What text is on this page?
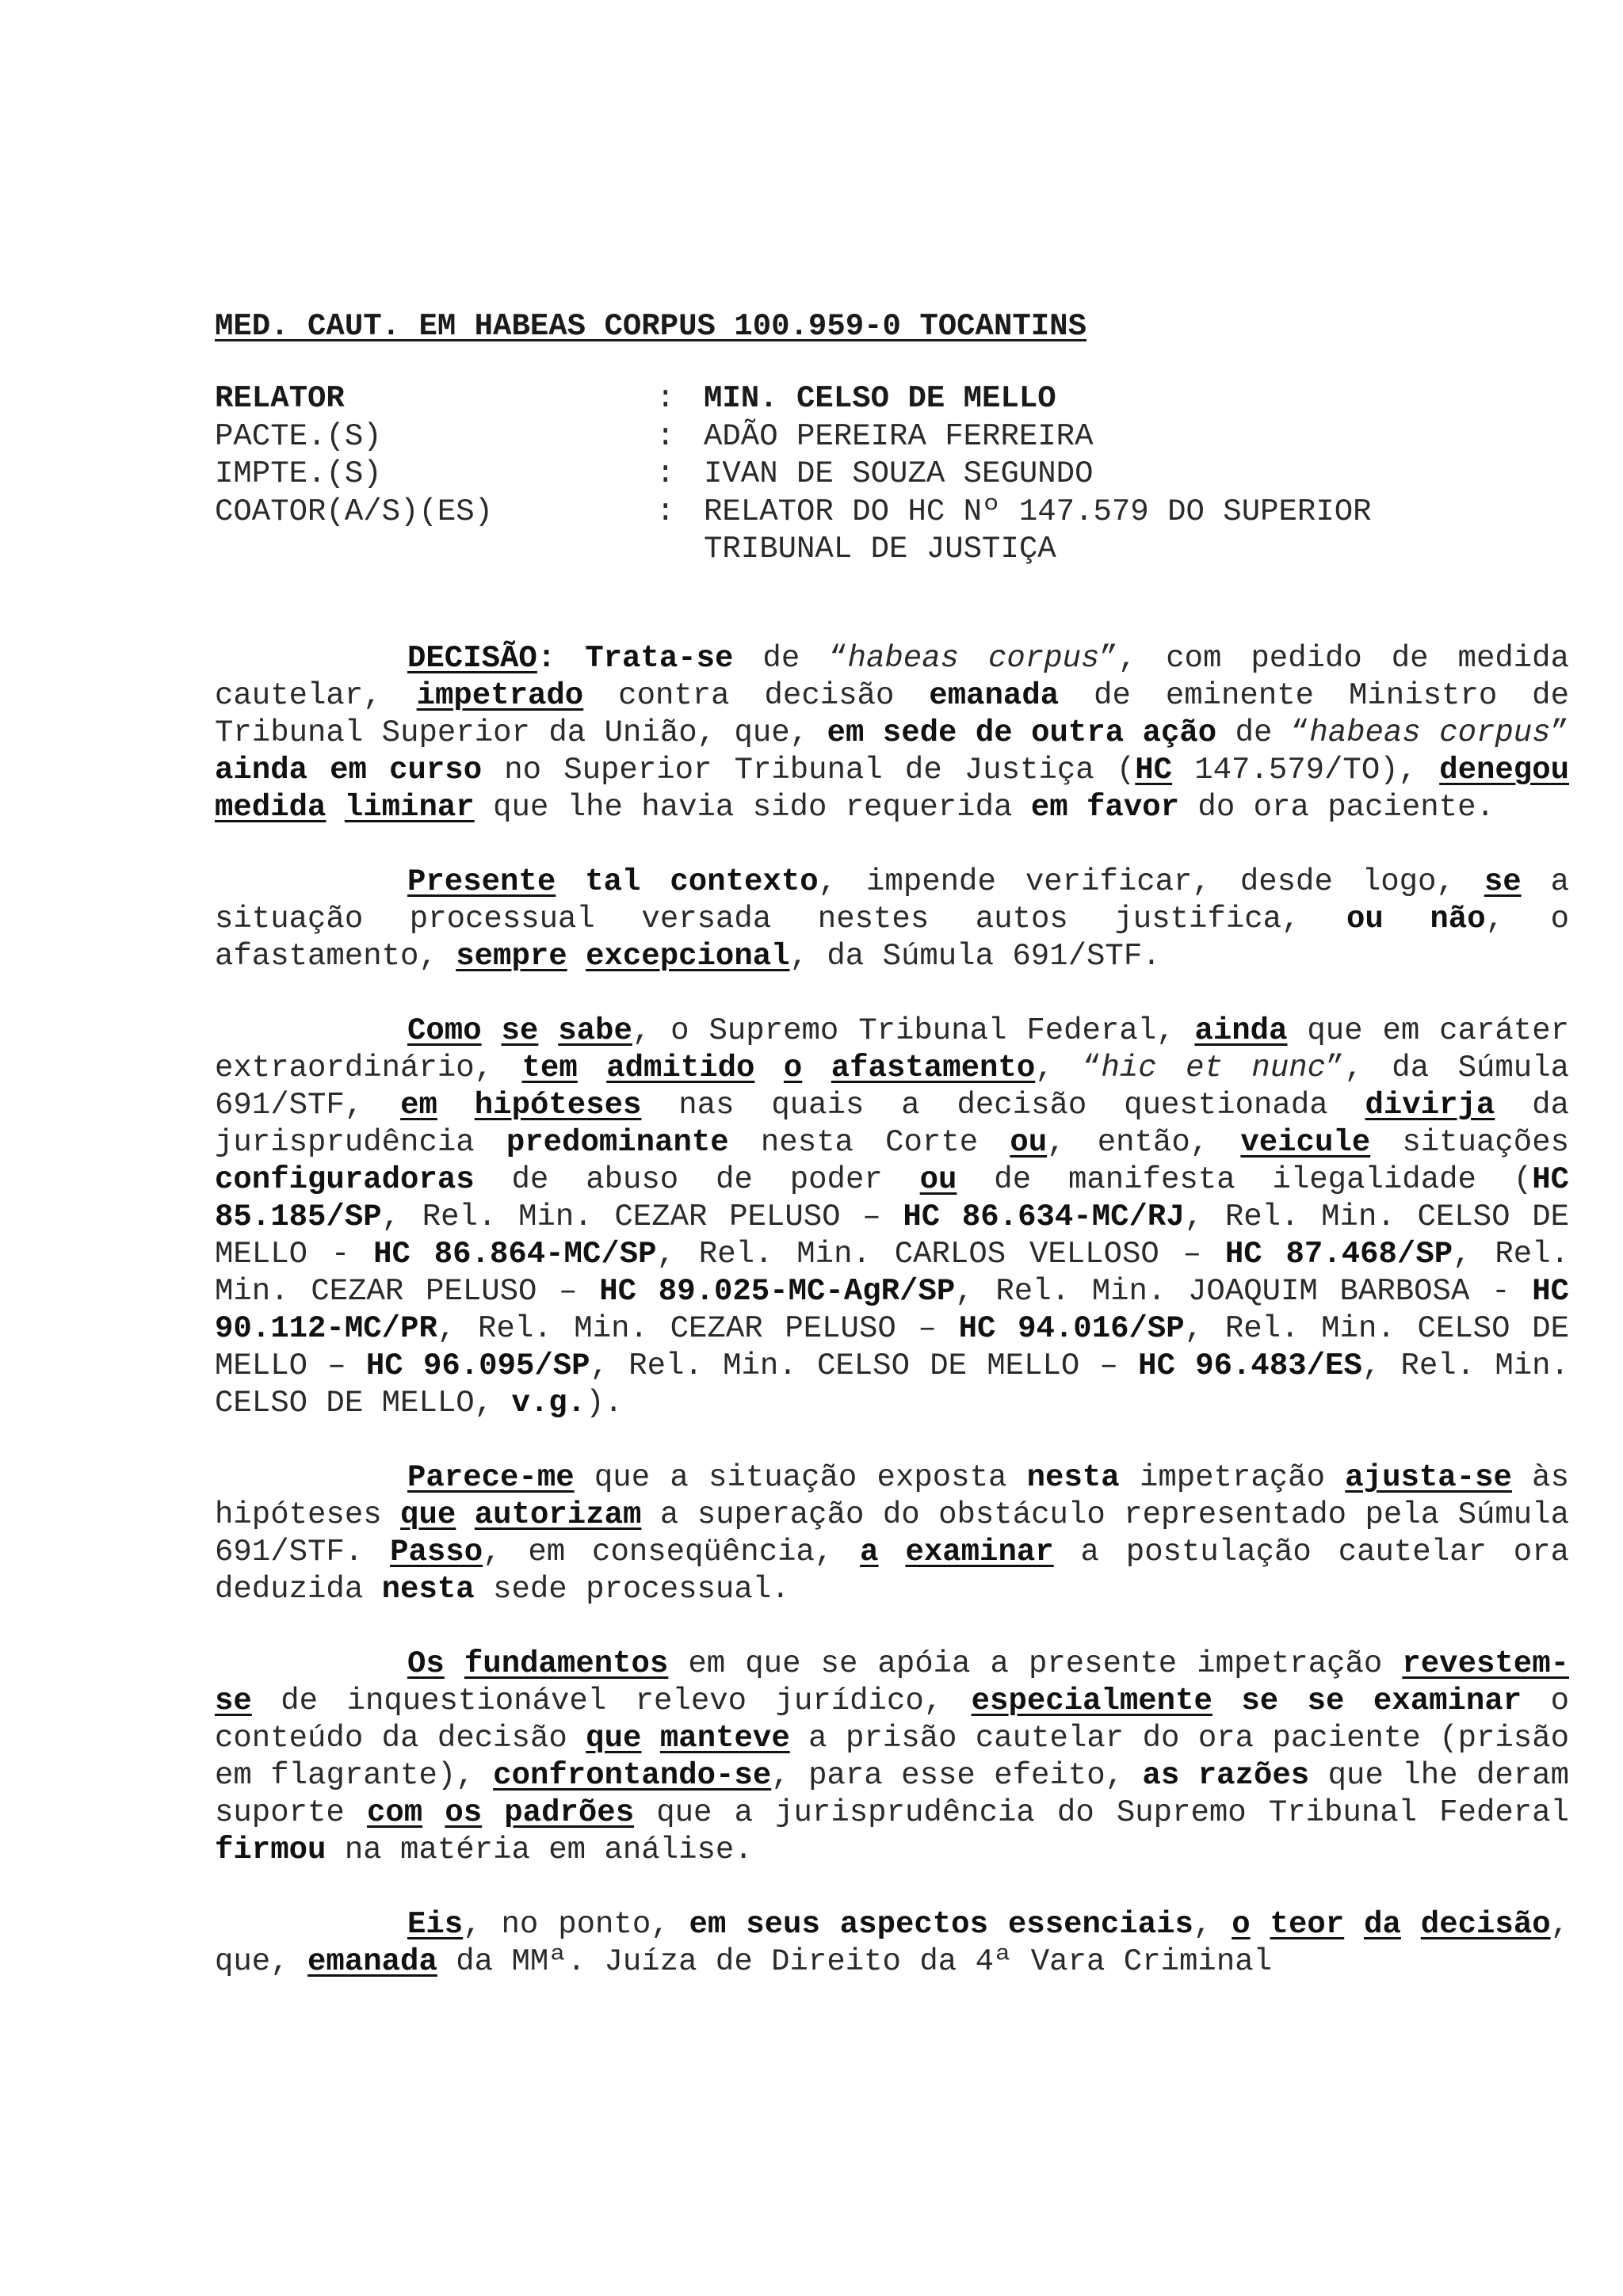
MED. CAUT. EM HABEAS CORPUS 100.959-0 TOCANTINS
RELATOR	: MIN. CELSO DE MELLO
PACTE.(S)	: ADÃO PEREIRA FERREIRA
IMPTE.(S)	: IVAN DE SOUZA SEGUNDO
COATOR(A/S)(ES)	: RELATOR DO HC Nº 147.579 DO SUPERIOR
TRIBUNAL DE JUSTIÇA

DECISÃO: Trata-se de “habeas corpus”, com pedido de medida cautelar, impetrado contra decisão emanada de eminente Ministro de Tribunal Superior da União, que, em sede de outra ação de “habeas corpus” ainda em curso no Superior Tribunal de Justiça (HC 147.579/TO), denegou medida liminar que lhe havia sido requerida em favor do ora paciente.

Presente tal contexto, impende verificar, desde logo, se a situação processual versada nestes autos justifica, ou não, o afastamento, sempre excepcional, da Súmula 691/STF.

Como se sabe, o Supremo Tribunal Federal, ainda que em caráter extraordinário, tem admitido o afastamento, “hic et nunc”, da Súmula 691/STF, em hipóteses nas quais a decisão questionada divirja da jurisprudência predominante nesta Corte ou, então, veicule situações configuradoras de abuso de poder ou de manifesta ilegalidade (HC 85.185/SP, Rel. Min. CEZAR PELUSO – HC 86.634-MC/RJ, Rel. Min. CELSO DE MELLO - HC 86.864-MC/SP, Rel. Min. CARLOS VELLOSO – HC 87.468/SP, Rel. Min. CEZAR PELUSO – HC 89.025-MC-AgR/SP, Rel. Min. JOAQUIM BARBOSA - HC 90.112-MC/PR, Rel. Min. CEZAR PELUSO – HC 94.016/SP, Rel. Min. CELSO DE MELLO – HC 96.095/SP, Rel. Min. CELSO DE MELLO – HC 96.483/ES, Rel. Min. CELSO DE MELLO, v.g.).

Parece-me que a situação exposta nesta impetração ajusta-se às hipóteses que autorizam a superação do obstáculo representado pela Súmula 691/STF. Passo, em conseqüência, a examinar a postulação cautelar ora deduzida nesta sede processual.

Os fundamentos em que se apóia a presente impetração revestem-se de inquestionável relevo jurídico, especialmente se se examinar o conteúdo da decisão que manteve a prisão cautelar do ora paciente (prisão em flagrante), confrontando-se, para esse efeito, as razões que lhe deram suporte com os padrões que a jurisprudência do Supremo Tribunal Federal firmou na matéria em análise.

Eis, no ponto, em seus aspectos essenciais, o teor da decisão, que, emanada da MMª. Juíza de Direito da 4ª Vara Criminal
